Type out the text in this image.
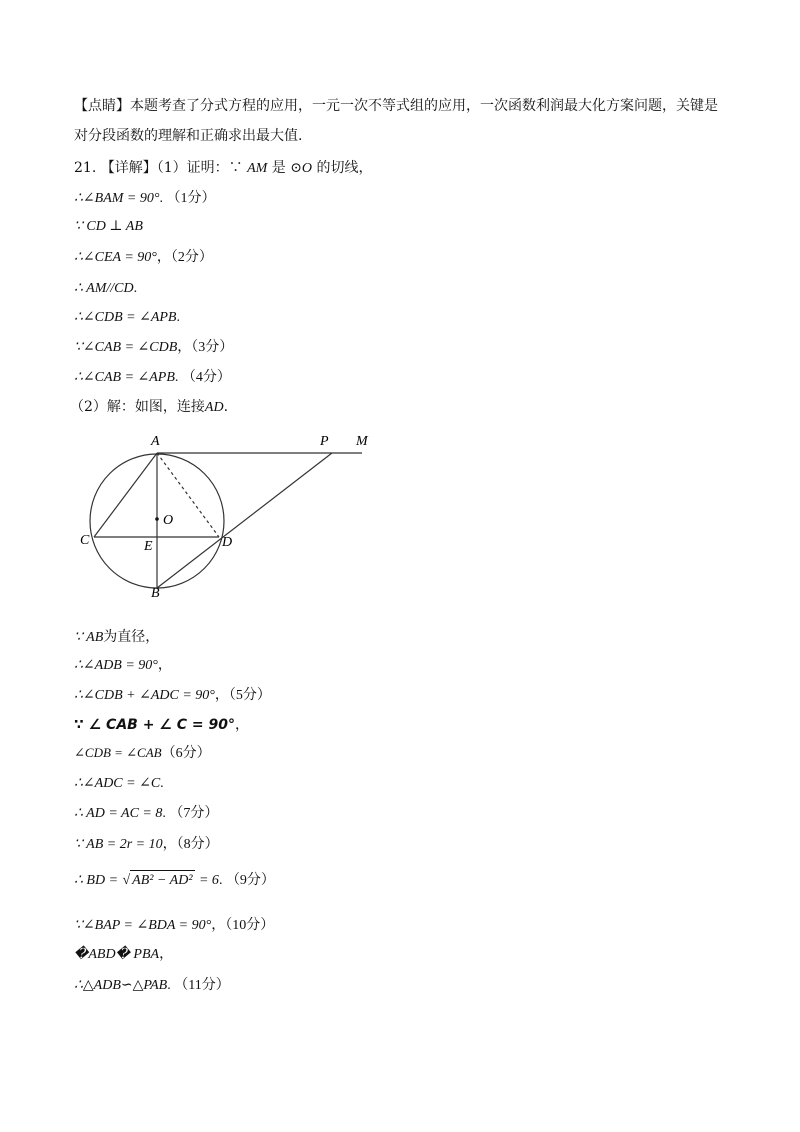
【点睛】本题考查了分式方程的应用，一元一次不等式组的应用，一次函数利润最大化方案问题，关键是
对分段函数的理解和正确求出最大值.
21. 【详解】（1）证明：∵ AM 是 ⊙O 的切线，
∴∠BAM = 90°. （1分）
∵ CD ⊥ AB
∴∠CEA = 90°，（2分）
∴ AM//CD.
∴∠CDB = ∠APB.
∵∠CAB = ∠CDB，（3分）
∴∠CAB = ∠APB. （4分）
（2）解：如图，连接AD.
A	P M
O
C	E	D
B
∵ AB为直径，
∴∠ADB = 90°，
∴∠CDB + ∠ADC = 90°，（5分）
∵ ∠ CAB + ∠ C = 90°，
∠CDB = ∠CAB（6分）
∴∠ADC = ∠C.
∴ AD = AC = 8. （7分）
∵ AB = 2r = 10，（8分）
∴ BD = √ AB² − AD² = 6. （9分）
∵∠BAP = ∠BDA = 90°，（10分）
�ABD� PBA，
∴△ADB∽△PAB. （11分）
